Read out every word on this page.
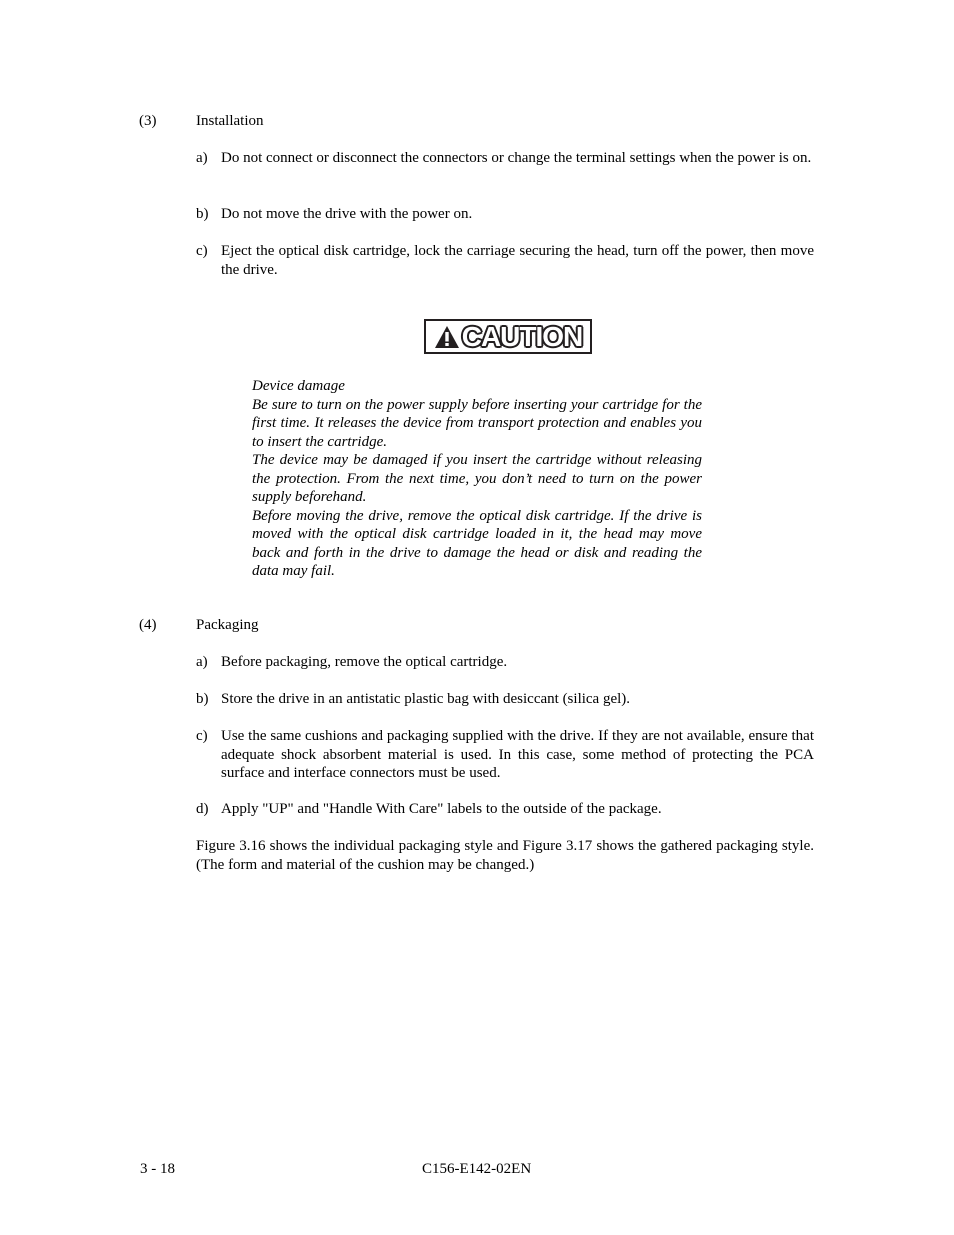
(3)	Installation
a) Do not connect or disconnect the connectors or change the terminal settings when the power is on.
b) Do not move the drive with the power on.
c) Eject the optical disk cartridge, lock the carriage securing the head, turn off the power, then move the drive.
CAUTION
Device damage
Be sure to turn on the power supply before inserting your cartridge for the first time. It releases the device from transport protection and enables you to insert the cartridge.
The device may be damaged if you insert the cartridge without releasing the protection. From the next time, you don’t need to turn on the power supply beforehand.
Before moving the drive, remove the optical disk cartridge. If the drive is moved with the optical disk cartridge loaded in it, the head may move back and forth in the drive to damage the head or disk and reading the data may fail.
(4)	Packaging
a) Before packaging, remove the optical cartridge.
b) Store the drive in an antistatic plastic bag with desiccant (silica gel).
c) Use the same cushions and packaging supplied with the drive. If they are not available, ensure that adequate shock absorbent material is used. In this case, some method of protecting the PCA surface and interface connectors must be used.
d) Apply "UP" and "Handle With Care" labels to the outside of the package.
Figure 3.16 shows the individual packaging style and Figure 3.17 shows the gathered packaging style. (The form and material of the cushion may be changed.)
3 - 18	C156-E142-02EN
